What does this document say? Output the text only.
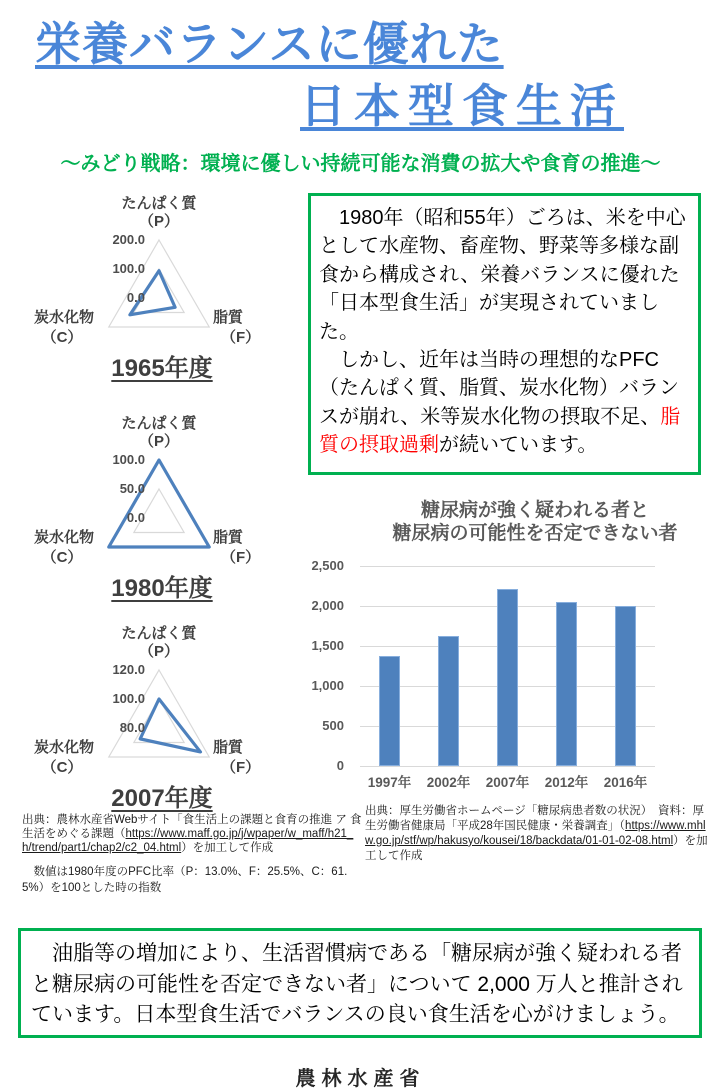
栄養バランスに優れた
日本型食生活
～みどり戦略：環境に優しい持続可能な消費の拡大や食育の推進～
200.0
100.0
0.0
たんぱく質
（P）
脂質
（F）
炭水化物
（C）
1965年度
100.0
50.0
0.0
たんぱく質
（P）
脂質
（F）
炭水化物
（C）
1980年度
120.0
100.0
80.0
たんぱく質
（P）
脂質
（F）
炭水化物
（C）
2007年度

　1980年（昭和55年）ごろは、米を中心として水産物、畜産物、野菜等多様な副食から構成され、栄養バランスに優れた「日本型食生活」が実現されていました。

　しかし、近年は当時の理想的なPFC（たんぱく質、脂質、炭水化物）バランスが崩れ、米等炭水化物の摂取不足、脂質の摂取過剰が続いています。

糖尿病が強く疑われる者と
糖尿病の可能性を否定できない者
2,500
2,000
1,500
1,000
500
0
1997年	2002年	2007年	2012年	2016年

出典：農林水産省Webサイト「食生活上の課題と食育の推進 ア 食生活をめぐる課題（https://www.maff.go.jp/j/wpaper/w_maff/h21_h/trend/part1/chap2/c2_04.html）を加工して作成

　数値は1980年度のPFC比率（P：13.0%、F：25.5%、C：61.5%）を100とした時の指数

出典：厚生労働省ホームページ「糖尿病患者数の状況）　資料：厚生労働省健康局「平成28年国民健康・栄養調査」（https://www.mhlw.go.jp/stf/wp/hakusyo/kousei/18/backdata/01-01-02-08.html）を加工して作成

　油脂等の増加により、生活習慣病である「糖尿病が強く疑われる者と糖尿病の可能性を否定できない者」について 2,000 万人と推計されています。日本型食生活でバランスの良い食生活を心がけましょう。

農林水産省
